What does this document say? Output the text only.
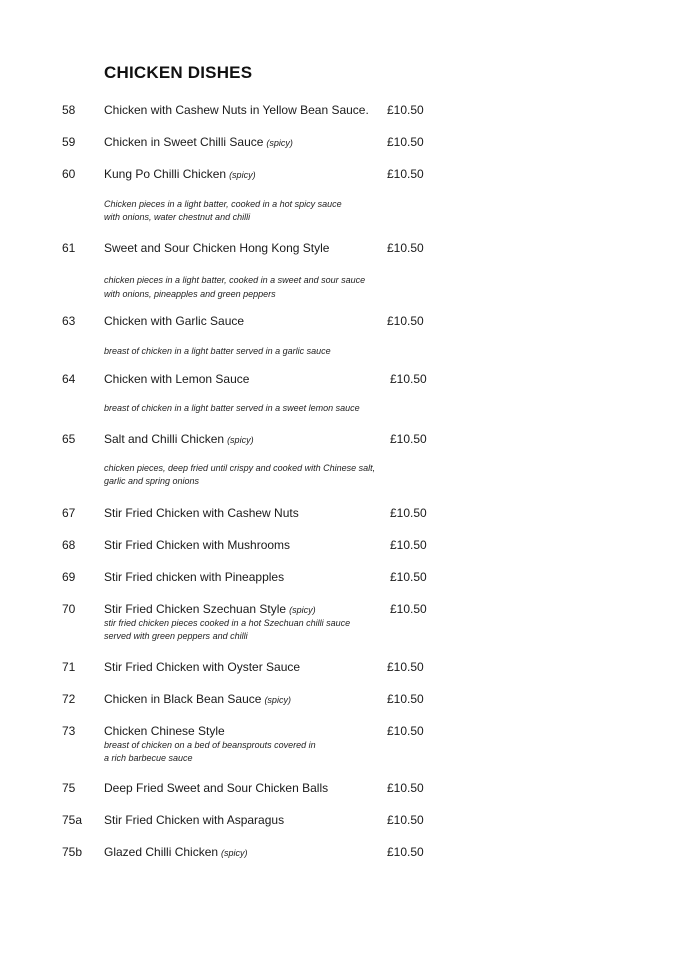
CHICKEN DISHES
58 Chicken with Cashew Nuts in Yellow Bean Sauce. £10.50
59 Chicken in Sweet Chilli Sauce (spicy)	£10.50
60 Kung Po Chilli Chicken (spicy)	£10.50
Chicken pieces in a light batter, cooked in a hot spicy sauce
with onions, water chestnut and chilli
61 Sweet and Sour Chicken Hong Kong Style	£10.50
chicken pieces in a light batter, cooked in a sweet and sour sauce
with onions, pineapples and green peppers
63 Chicken with Garlic Sauce	£10.50
breast of chicken in a light batter served in a garlic sauce
64 Chicken with Lemon Sauce	£10.50
breast of chicken in a light batter served in a sweet lemon sauce
65 Salt and Chilli Chicken (spicy)	£10.50
chicken pieces, deep fried until crispy and cooked with Chinese salt,
garlic and spring onions
67 Stir Fried Chicken with Cashew Nuts	£10.50
68 Stir Fried Chicken with Mushrooms	£10.50
69 Stir Fried chicken with Pineapples	£10.50
70 Stir Fried Chicken Szechuan Style (spicy)	£10.50
stir fried chicken pieces cooked in a hot Szechuan chilli sauce
served with green peppers and chilli
71 Stir Fried Chicken with Oyster Sauce	£10.50
72 Chicken in Black Bean Sauce (spicy)	£10.50
73 Chicken Chinese Style	£10.50
breast of chicken on a bed of beansprouts covered in
a rich barbecue sauce
75 Deep Fried Sweet and Sour Chicken Balls	£10.50
75a Stir Fried Chicken with Asparagus	£10.50
75b Glazed Chilli Chicken (spicy)	£10.50
